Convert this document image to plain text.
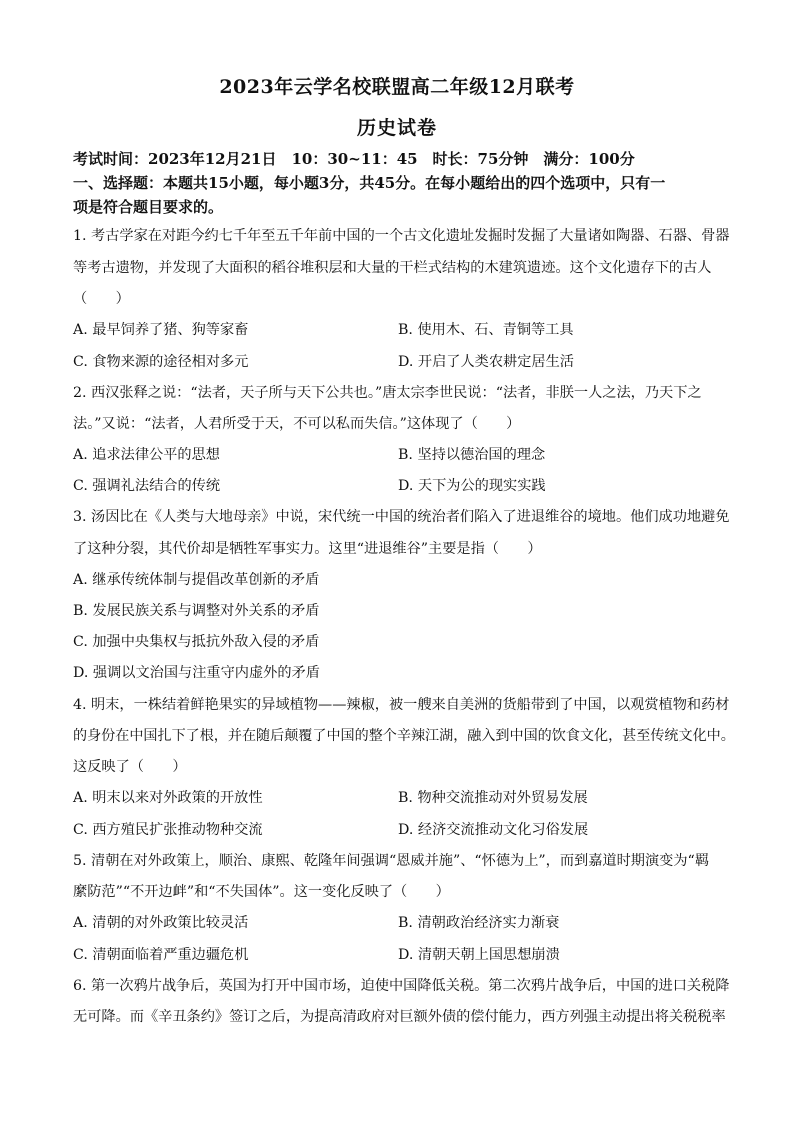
2023年云学名校联盟高二年级12月联考
历史试卷
考试时间：2023年12月21日　10：30~11：45　时长：75分钟　满分：100分
一、选择题：本题共15小题，每小题3分，共45分。在每小题给出的四个选项中，只有一
项是符合题目要求的。
1. 考古学家在对距今约七千年至五千年前中国的一个古文化遗址发掘时发掘了大量诸如陶器、石器、骨器
等考古遗物，并发现了大面积的稻谷堆积层和大量的干栏式结构的木建筑遗迹。这个文化遗存下的古人
（　　）
A. 最早饲养了猪、狗等家畜	B. 使用木、石、青铜等工具
C. 食物来源的途径相对多元	D. 开启了人类农耕定居生活
2. 西汉张释之说：“法者，天子所与天下公共也。”唐太宗李世民说：“法者，非朕一人之法，乃天下之
法。”又说：“法者，人君所受于天，不可以私而失信。”这体现了（　　）
A. 追求法律公平的思想	B. 坚持以德治国的理念
C. 强调礼法结合的传统	D. 天下为公的现实实践
3. 汤因比在《人类与大地母亲》中说，宋代统一中国的统治者们陷入了进退维谷的境地。他们成功地避免
了这种分裂，其代价却是牺牲军事实力。这里“进退维谷”主要是指（　　）
A. 继承传统体制与提倡改革创新的矛盾
B. 发展民族关系与调整对外关系的矛盾
C. 加强中央集权与抵抗外敌入侵的矛盾
D. 强调以文治国与注重守内虚外的矛盾
4. 明末，一株结着鲜艳果实的异域植物——辣椒，被一艘来自美洲的货船带到了中国，以观赏植物和药材
的身份在中国扎下了根，并在随后颠覆了中国的整个辛辣江湖，融入到中国的饮食文化，甚至传统文化中。
这反映了（　　）
A. 明末以来对外政策的开放性	B. 物种交流推动对外贸易发展
C. 西方殖民扩张推动物种交流	D. 经济交流推动文化习俗发展
5. 清朝在对外政策上，顺治、康熙、乾隆年间强调“恩威并施”、“怀德为上”，而到嘉道时期演变为“羁
縻防范”“不开边衅”和“不失国体”。这一变化反映了（　　）
A. 清朝的对外政策比较灵活	B. 清朝政治经济实力渐衰
C. 清朝面临着严重边疆危机	D. 清朝天朝上国思想崩溃
6. 第一次鸦片战争后，英国为打开中国市场，迫使中国降低关税。第二次鸦片战争后，中国的进口关税降
无可降。而《辛丑条约》签订之后，为提高清政府对巨额外债的偿付能力，西方列强主动提出将关税税率
